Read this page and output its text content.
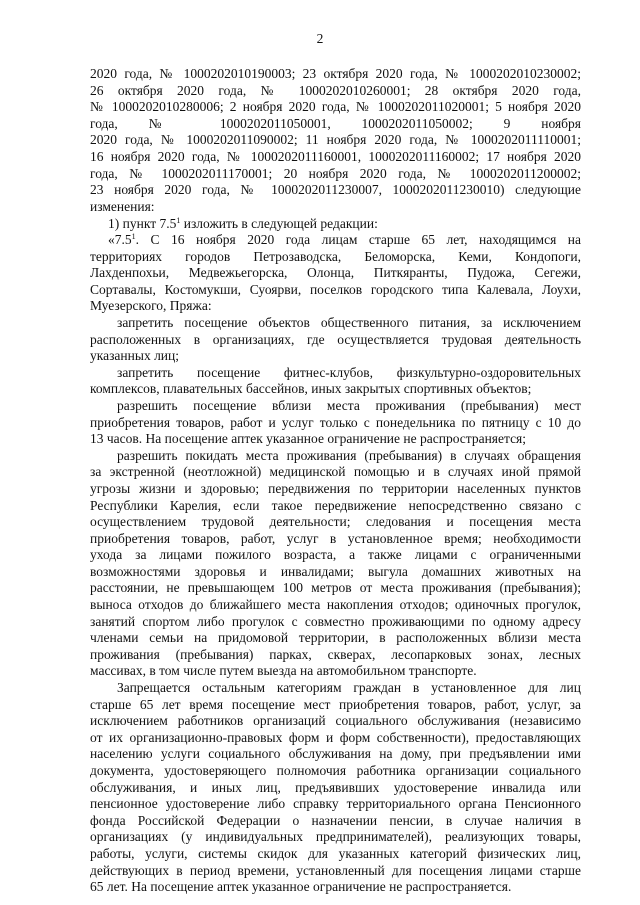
2
2020 года, № 1000202010190003; 23 октября 2020 года, № 1000202010230002;
26 октября 2020 года, № 1000202010260001; 28 октября 2020 года,
№ 1000202010280006; 2 ноября 2020 года, № 1000202011020001; 5 ноября 2020
года, № 1000202011050001, 1000202011050002; 9 ноября
2020 года, № 1000202011090002; 11 ноября 2020 года, № 1000202011110001;
16 ноября 2020 года, № 1000202011160001, 1000202011160002; 17 ноября 2020
года, № 1000202011170001; 20 ноября 2020 года, № 1000202011200002;
23 ноября 2020 года, № 1000202011230007, 1000202011230010) следующие
изменения:
1) пункт $7.5^1$ изложить в следующей редакции:
«$7.5^1$. С 16 ноября 2020 года лицам старше 65 лет, находящимся на
территориях городов Петрозаводска, Беломорска, Кеми, Кондопоги,
Лахденпохьи, Медвежьегорска, Олонца, Питкяранты, Пудожа, Сегежи,
Сортавалы, Костомукши, Суоярви, поселков городского типа Калевала, Лоухи,
Муезерского, Пряжа:
запретить посещение объектов общественного питания, за исключением
расположенных в организациях, где осуществляется трудовая деятельность
указанных лиц;
запретить посещение фитнес-клубов, физкультурно-оздоровительных
комплексов, плавательных бассейнов, иных закрытых спортивных объектов;
разрешить посещение вблизи места проживания (пребывания) мест
приобретения товаров, работ и услуг только с понедельника по пятницу с 10 до
13 часов. На посещение аптек указанное ограничение не распространяется;
разрешить покидать места проживания (пребывания) в случаях обращения
за экстренной (неотложной) медицинской помощью и в случаях иной прямой
угрозы жизни и здоровью; передвижения по территории населенных пунктов
Республики Карелия, если такое передвижение непосредственно связано с
осуществлением трудовой деятельности; следования и посещения места
приобретения товаров, работ, услуг в установленное время; необходимости
ухода за лицами пожилого возраста, а также лицами с ограниченными
возможностями здоровья и инвалидами; выгула домашних животных на
расстоянии, не превышающем 100 метров от места проживания (пребывания);
выноса отходов до ближайшего места накопления отходов; одиночных прогулок,
занятий спортом либо прогулок с совместно проживающими по одному адресу
членами семьи на придомовой территории, в расположенных вблизи места
проживания (пребывания) парках, скверах, лесопарковых зонах, лесных
массивах, в том числе путем выезда на автомобильном транспорте.
Запрещается остальным категориям граждан в установленное для лиц
старше 65 лет время посещение мест приобретения товаров, работ, услуг, за
исключением работников организаций социального обслуживания (независимо
от их организационно-правовых форм и форм собственности), предоставляющих
населению услуги социального обслуживания на дому, при предъявлении ими
документа, удостоверяющего полномочия работника организации социального
обслуживания, и иных лиц, предъявивших удостоверение инвалида или
пенсионное удостоверение либо справку территориального органа Пенсионного
фонда Российской Федерации о назначении пенсии, в случае наличия в
организациях (у индивидуальных предпринимателей), реализующих товары,
работы, услуги, системы скидок для указанных категорий физических лиц,
действующих в период времени, установленный для посещения лицами старше
65 лет. На посещение аптек указанное ограничение не распространяется.
